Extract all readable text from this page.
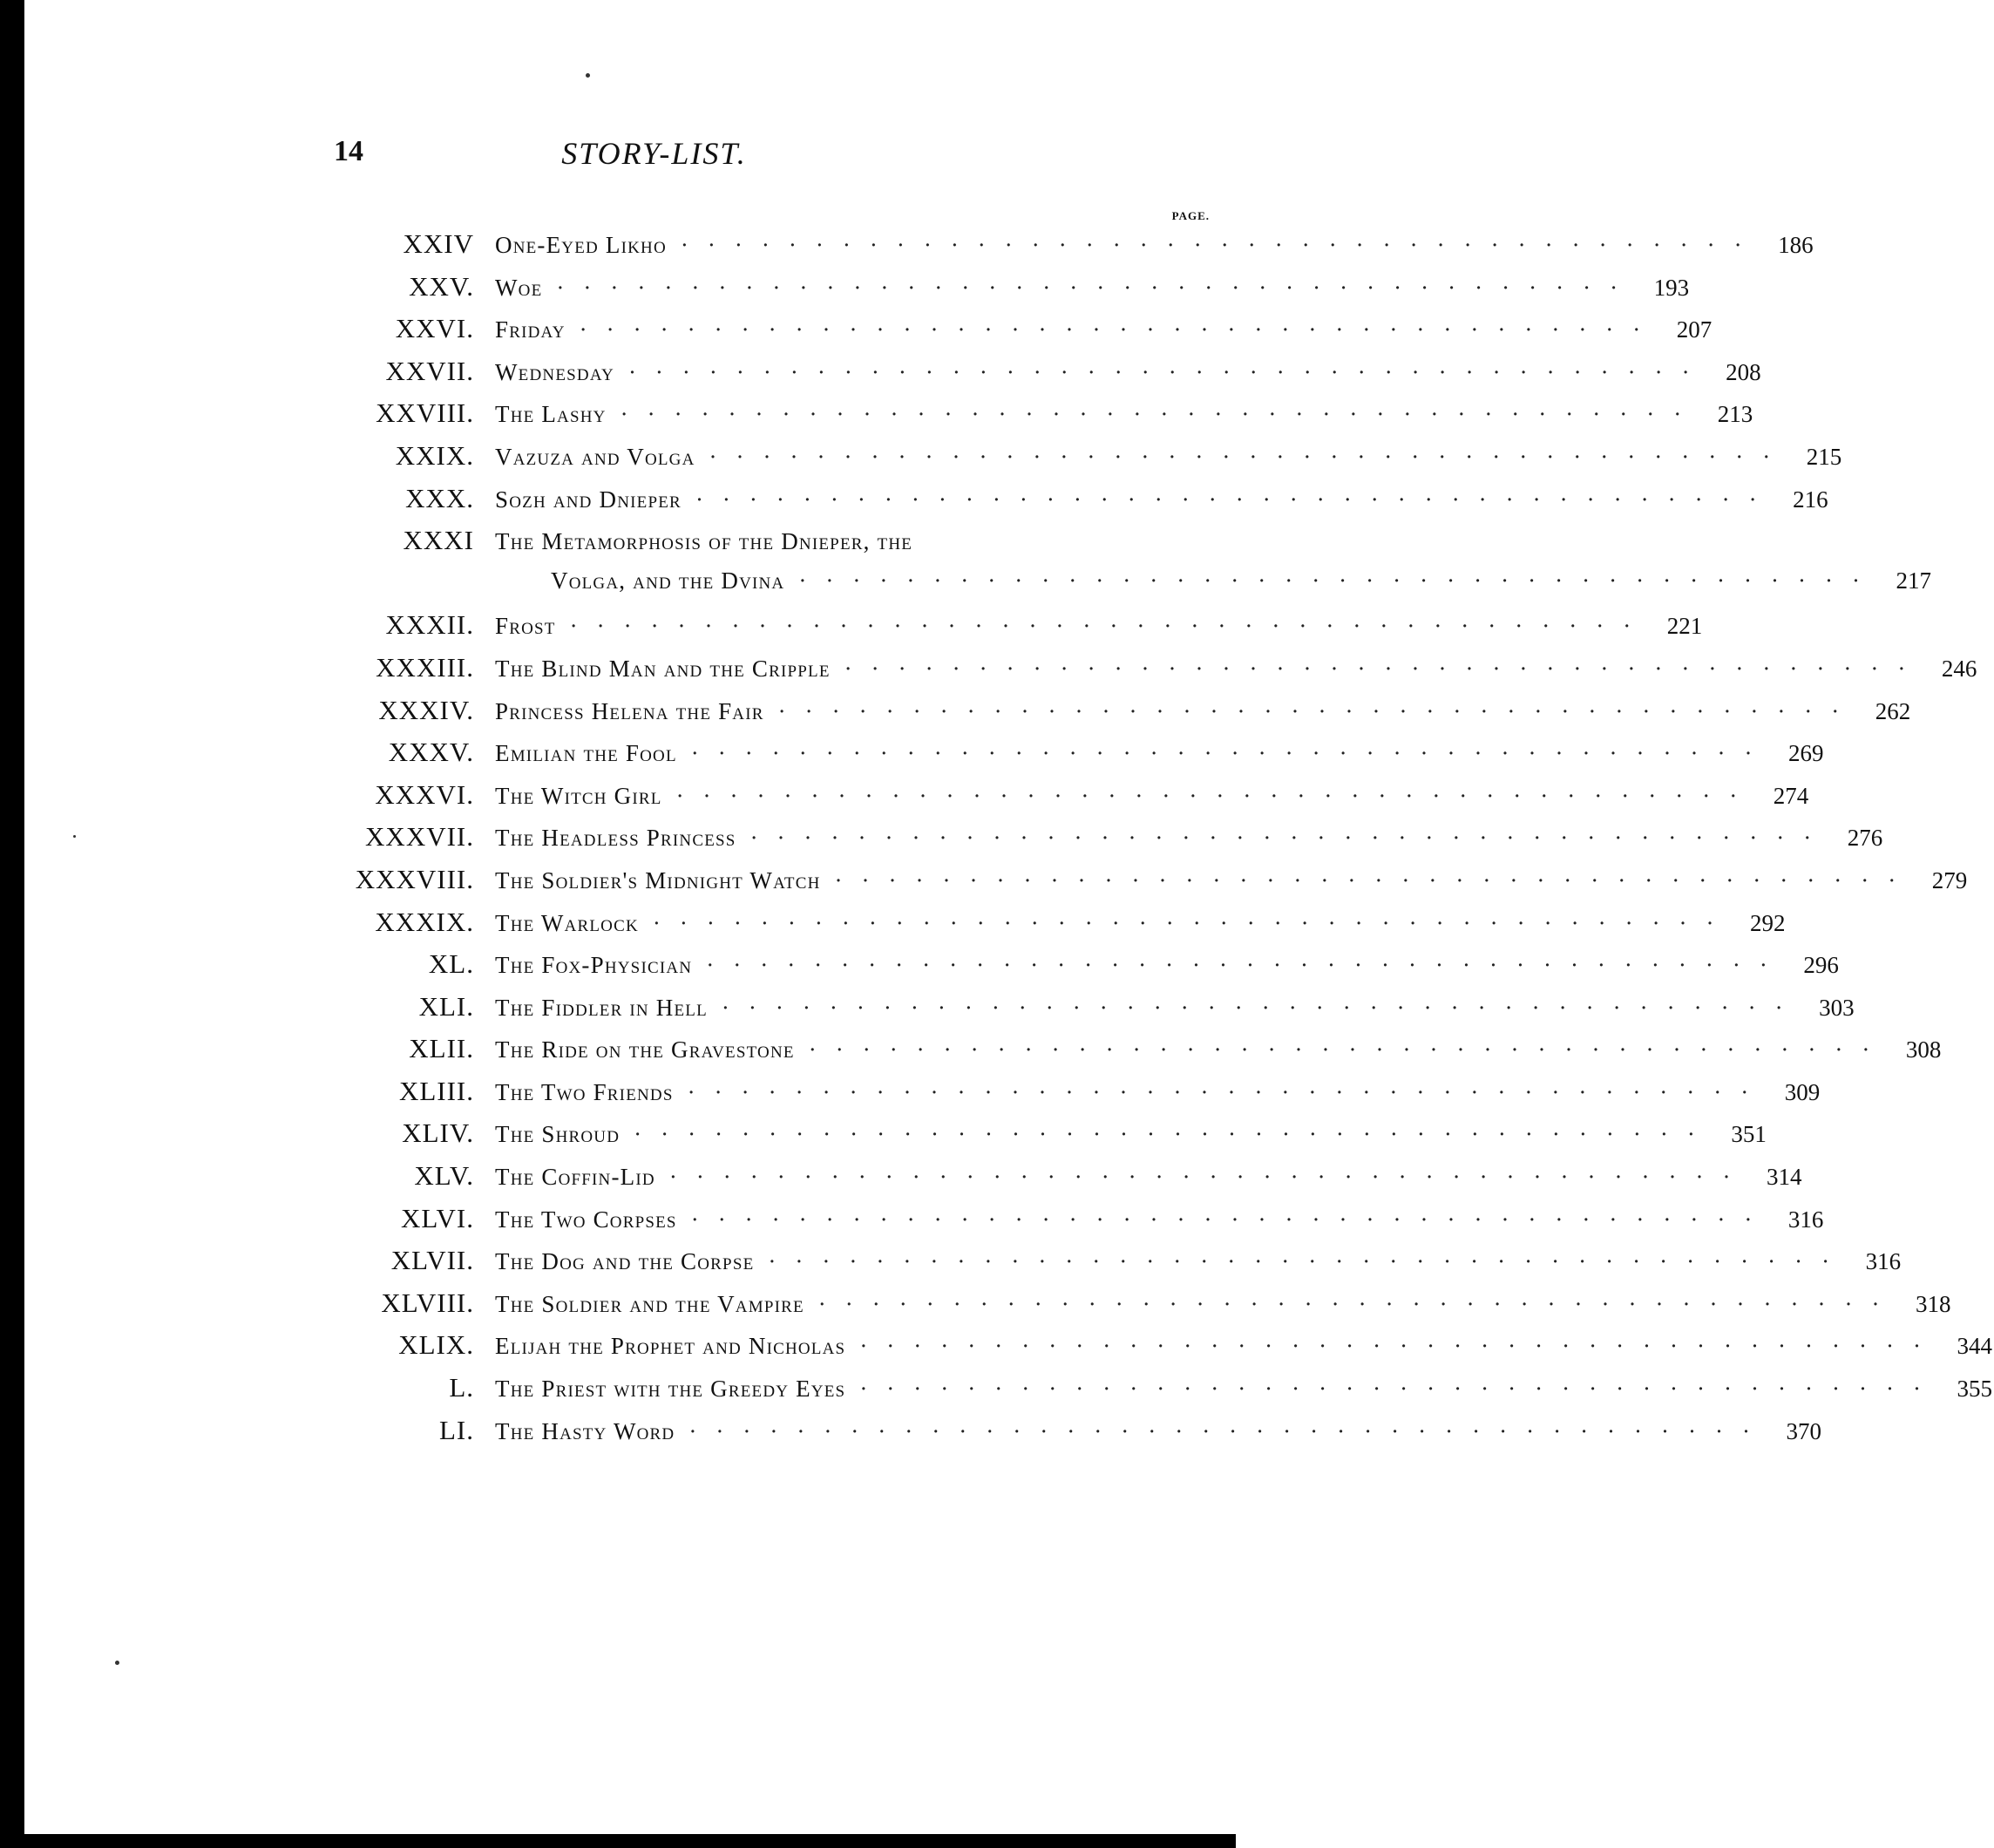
14	STORY-LIST.
PAGE.
XXIV One-Eyed Likho ········································ 186
XXV. Woe ········································ 193
XXVI. Friday ········································ 207
XXVII. Wednesday ········································ 208
XXVIII. The Lashy ········································ 213
XXIX. Vazuza and Volga ········································ 215
XXX. Sozh and Dnieper ········································ 216
XXXI The Metamorphosis of the Dnieper, the
Volga, and the Dvina ········································ 217
XXXII. Frost ········································ 221
XXXIII. The Blind Man and the Cripple ········································ 246
XXXIV. Princess Helena the Fair ········································ 262
XXXV. Emilian the Fool ········································ 269
XXXVI. The Witch Girl ········································ 274
XXXVII. The Headless Princess ········································ 276
XXXVIII. The Soldier's Midnight Watch ········································ 279
XXXIX. The Warlock ········································ 292
XL. The Fox-Physician ········································ 296
XLI. The Fiddler in Hell ········································ 303
XLII. The Ride on the Gravestone ········································ 308
XLIII. The Two Friends ········································ 309
XLIV. The Shroud ········································ 351
XLV. The Coffin-Lid ········································ 314
XLVI. The Two Corpses ········································ 316
XLVII. The Dog and the Corpse ········································ 316
XLVIII. The Soldier and the Vampire ········································ 318
XLIX. Elijah the Prophet and Nicholas ········································ 344
L. The Priest with the Greedy Eyes ········································ 355
LI. The Hasty Word ········································ 370
